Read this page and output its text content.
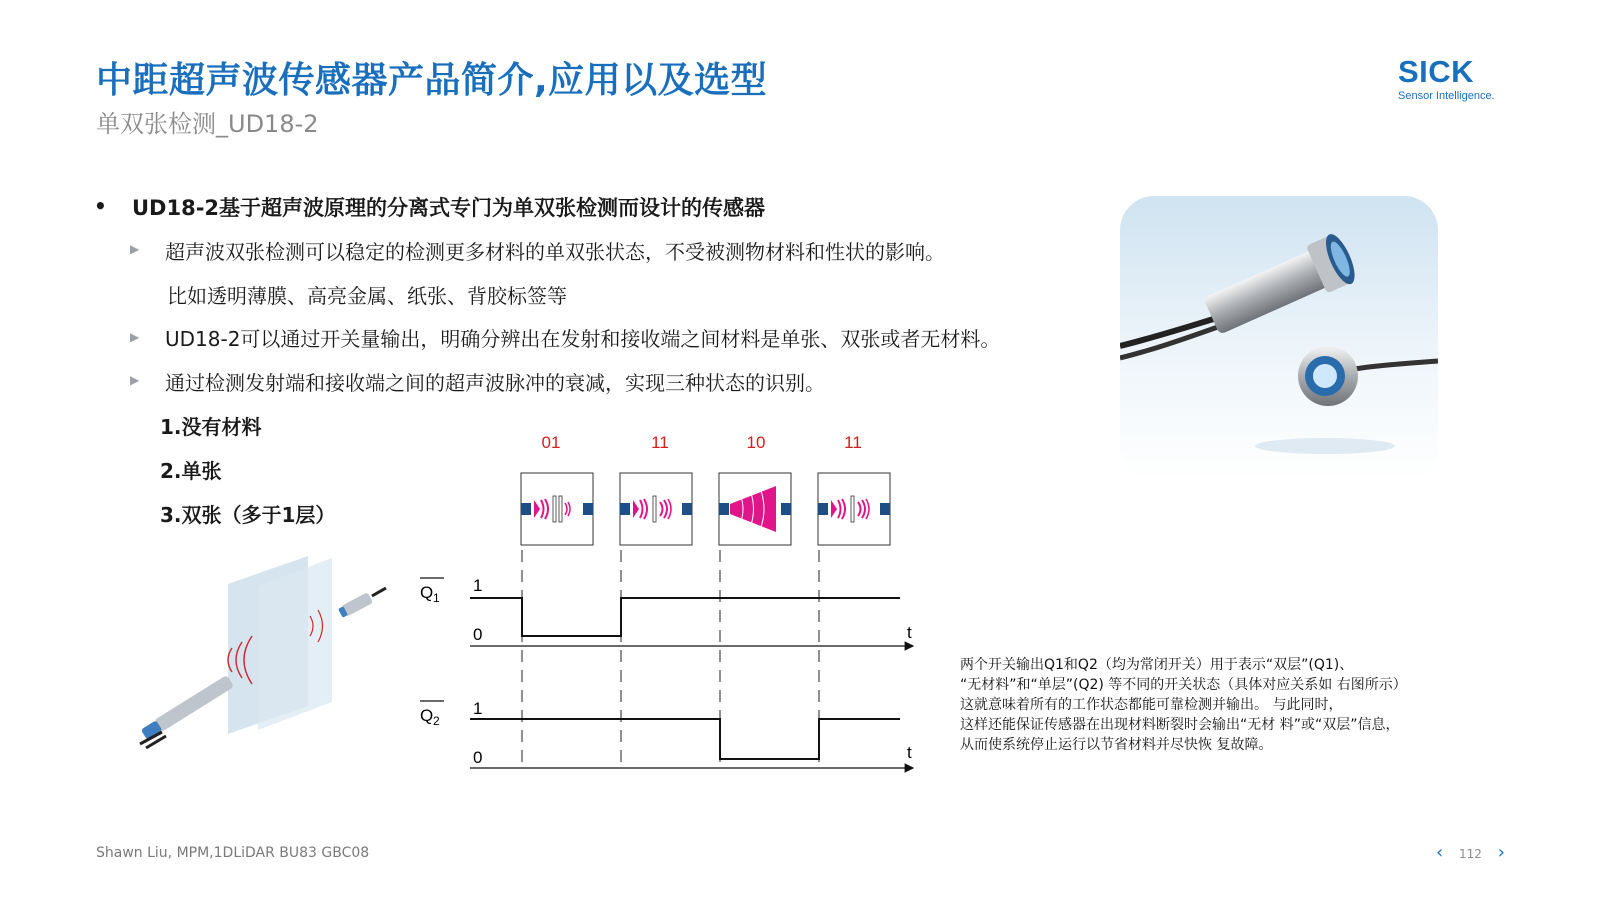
中距超声波传感器产品简介,应用以及选型
单双张检测_UD18-2
SICK
Sensor Intelligence.
• UD18-2基于超声波原理的分离式专门为单双张检测而设计的传感器
▶ 超声波双张检测可以稳定的检测更多材料的单双张状态，不受被测物材料和性状的影响。
比如透明薄膜、高亮金属、纸张、背胶标签等
▶ UD18-2可以通过开关量输出，明确分辨出在发射和接收端之间材料是单张、双张或者无材料。
▶ 通过检测发射端和接收端之间的超声波脉冲的衰减，实现三种状态的识别。
1.没有材料
2.单张
3.双张（多于1层）
01	11	10	11
Q 1
1
0	t
Q 2
1
0	t
两个开关输出Q1和Q2（均为常闭开关）用于表示“双层”(Q1)、
“无材料”和“单层”(Q2) 等不同的开关状态（具体对应关系如 右图所示）
这就意味着所有的工作状态都能可靠检测并输出。 与此同时，
这样还能保证传感器在出现材料断裂时会输出“无材 料”或“双层”信息，
从而使系统停止运行以节省材料并尽快恢 复故障。
Shawn Liu, MPM,1DLiDAR BU83 GBC08	‹ 112 ›
